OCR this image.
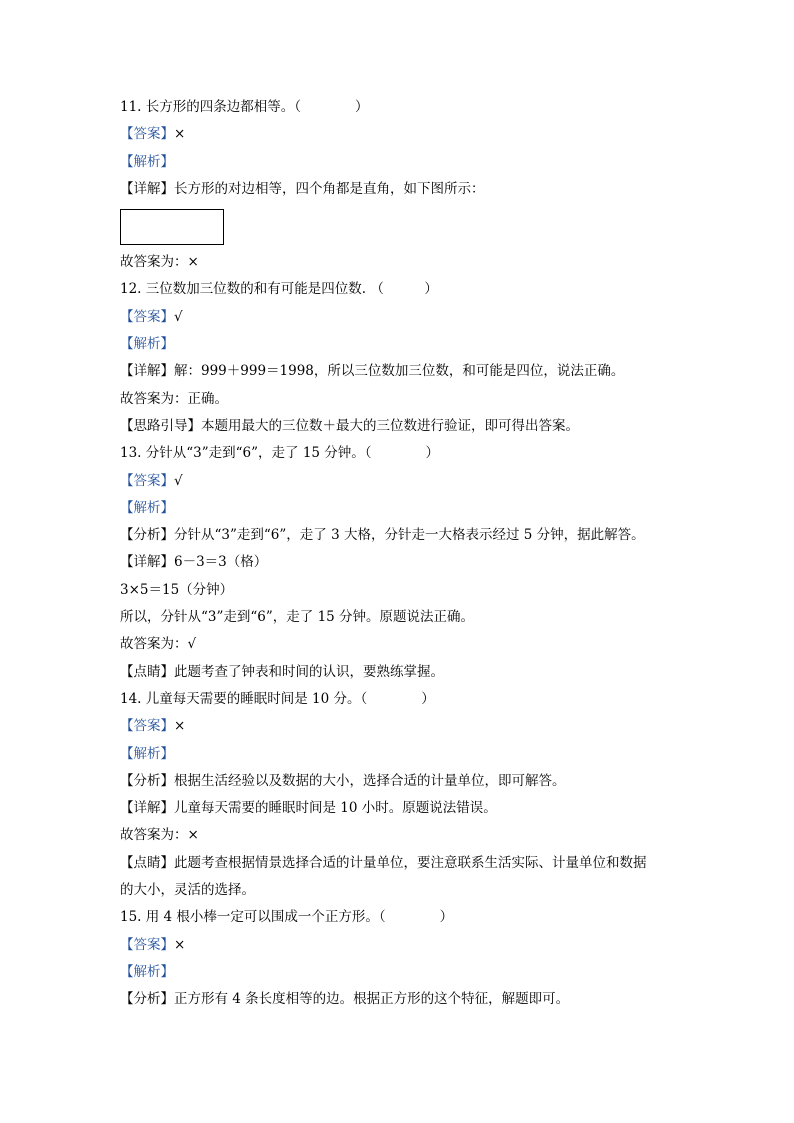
11. 长方形的四条边都相等。（　　　　）
【答案】×
【解析】
【详解】长方形的对边相等，四个角都是直角，如下图所示：
故答案为：×
12. 三位数加三位数的和有可能是四位数. （　　　）
【答案】√
【解析】
【详解】解：999＋999＝1998，所以三位数加三位数，和可能是四位，说法正确。
故答案为：正确。
【思路引导】本题用最大的三位数＋最大的三位数进行验证，即可得出答案。
13. 分针从“3”走到“6”，走了 15 分钟。（　　　　）
【答案】√
【解析】
【分析】分针从“3”走到“6”，走了 3 大格，分针走一大格表示经过 5 分钟，据此解答。
【详解】6－3＝3（格）
3×5＝15（分钟）
所以，分针从“3”走到“6”，走了 15 分钟。原题说法正确。
故答案为：√
【点睛】此题考查了钟表和时间的认识，要熟练掌握。
14. 儿童每天需要的睡眠时间是 10 分。（　　　　）
【答案】×
【解析】
【分析】根据生活经验以及数据的大小，选择合适的计量单位，即可解答。
【详解】儿童每天需要的睡眠时间是 10 小时。原题说法错误。
故答案为：×
【点睛】此题考查根据情景选择合适的计量单位，要注意联系生活实际、计量单位和数据
的大小，灵活的选择。
15. 用 4 根小棒一定可以围成一个正方形。（　　　　）
【答案】×
【解析】
【分析】正方形有 4 条长度相等的边。根据正方形的这个特征，解题即可。
